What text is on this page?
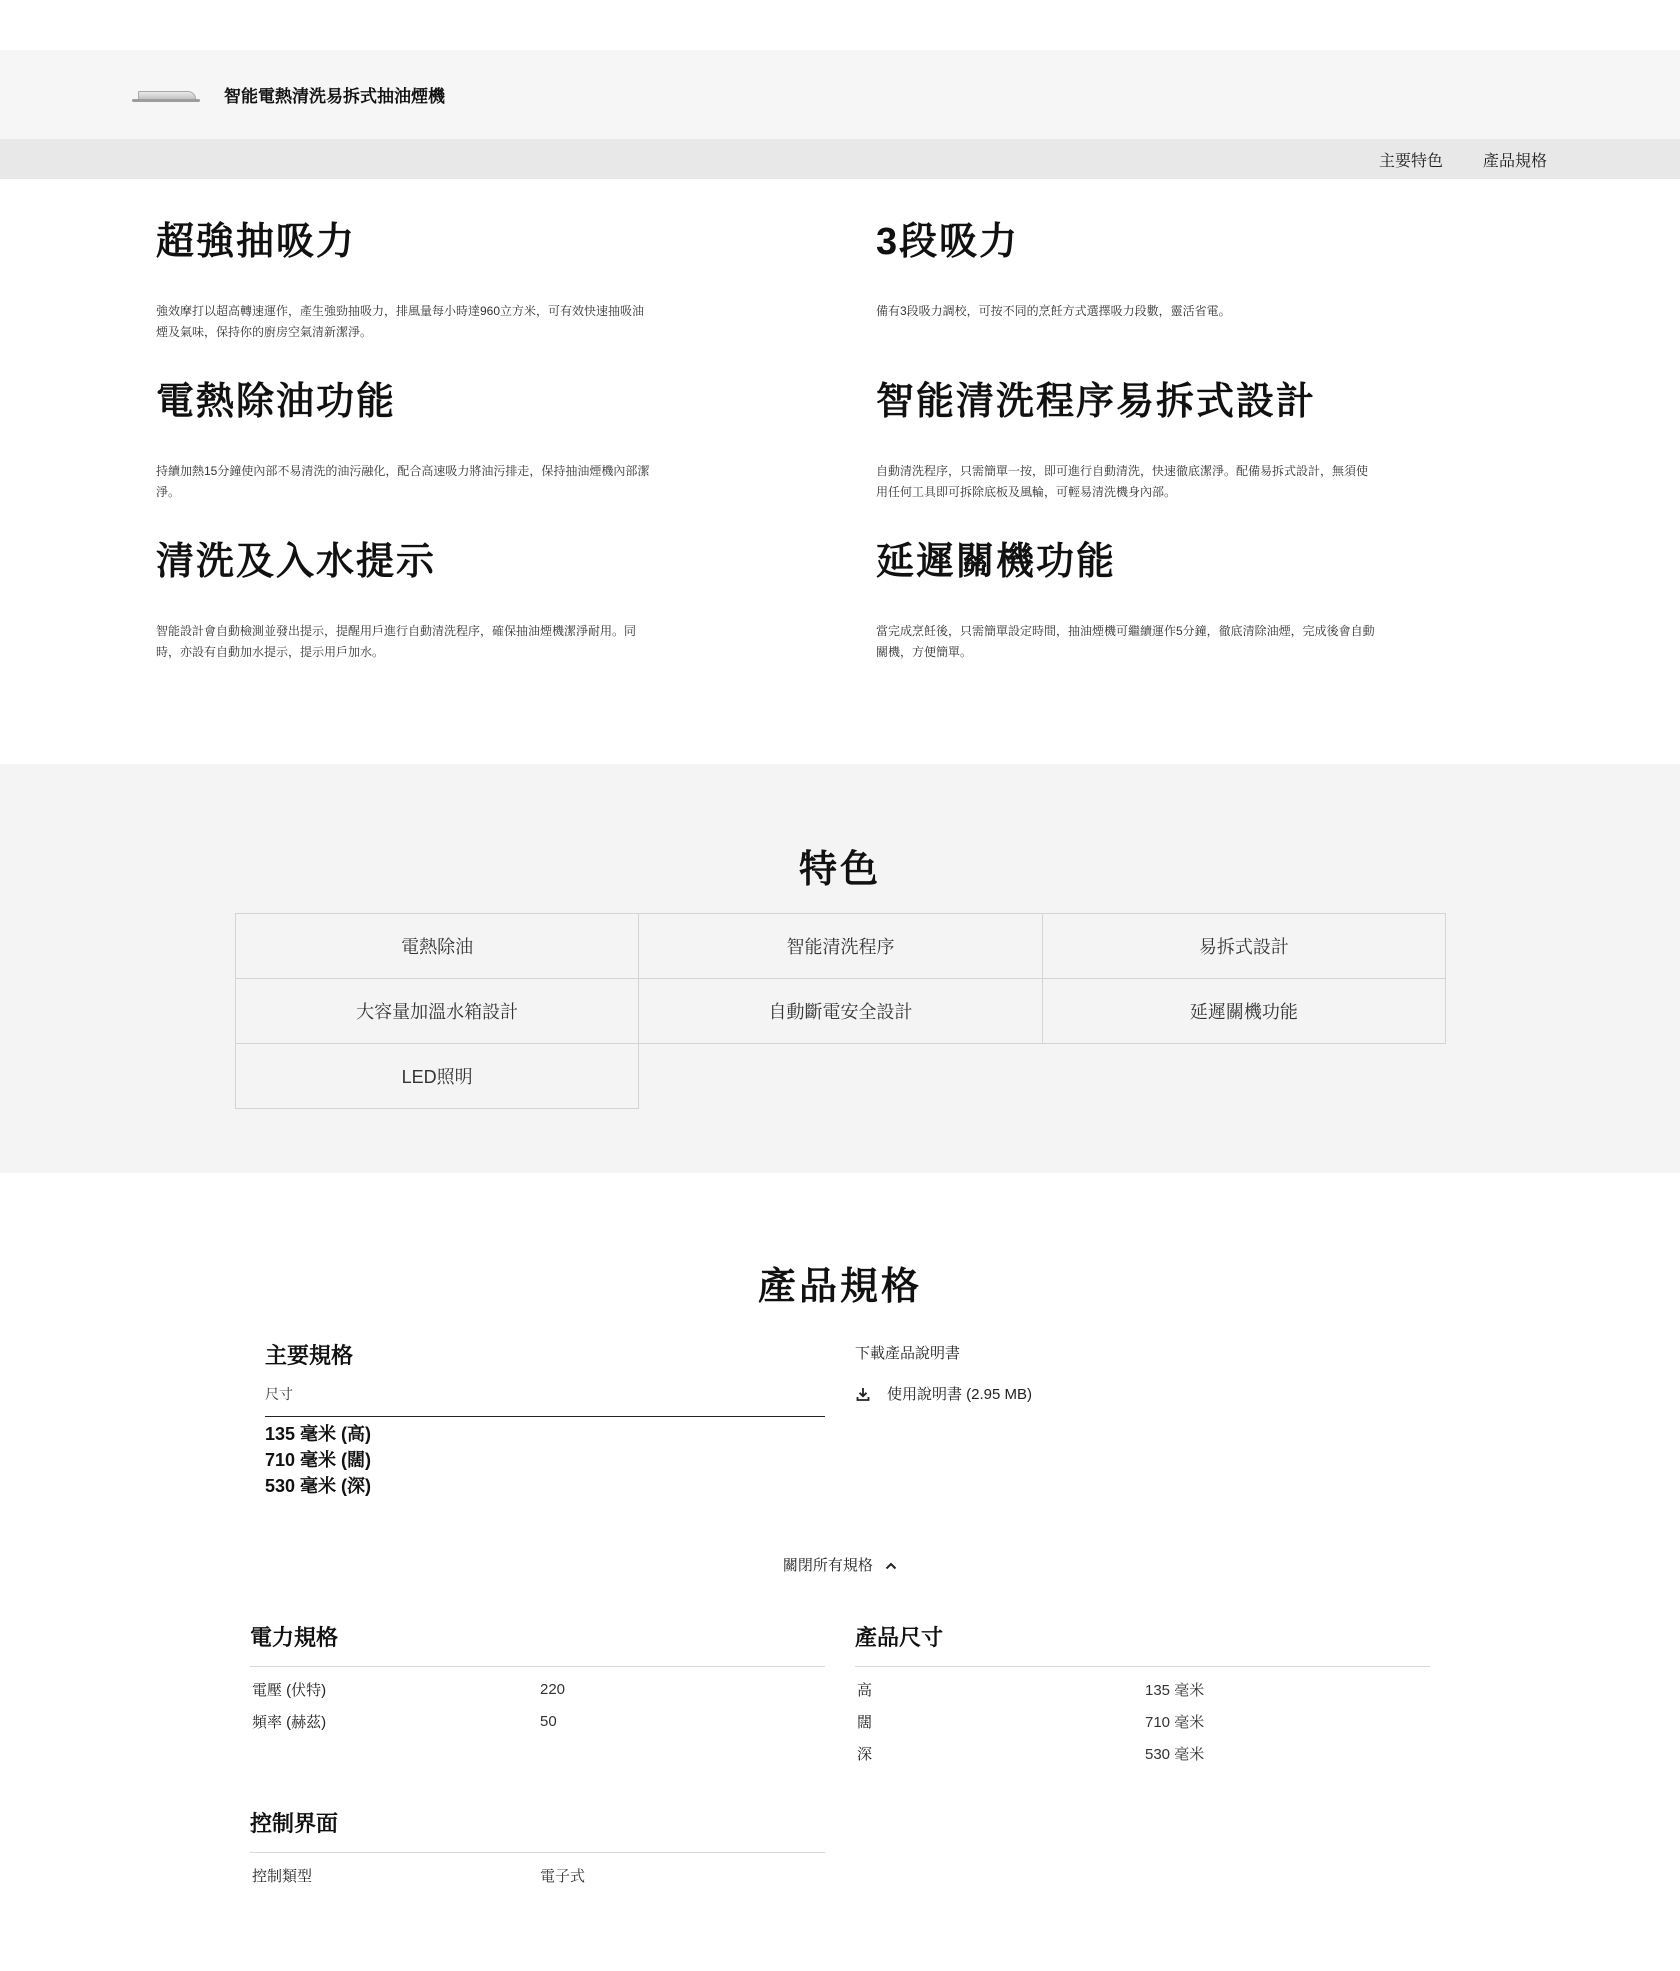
智能電熱清洗易拆式抽油煙機
主要特色	產品規格
超強抽吸力

強效摩打以超高轉速運作，產生強勁抽吸力，排風量每小時達960立方米，可有效快速抽吸油煙及氣味，保持你的廚房空氣清新潔淨。

3段吸力

備有3段吸力調校，可按不同的烹飪方式選擇吸力段數，靈活省電。

電熱除油功能

持續加熱15分鐘使內部不易清洗的油污融化，配合高速吸力將油污排走，保持抽油煙機內部潔淨。

智能清洗程序易拆式設計

自動清洗程序，只需簡單一按，即可進行自動清洗，快速徹底潔淨。配備易拆式設計，無須使用任何工具即可拆除底板及風輪，可輕易清洗機身內部。

清洗及入水提示

智能設計會自動檢測並發出提示，提醒用戶進行自動清洗程序，確保抽油煙機潔淨耐用。同時，亦設有自動加水提示，提示用戶加水。

延遲關機功能

當完成烹飪後，只需簡單設定時間，抽油煙機可繼續運作5分鐘，徹底清除油煙，完成後會自動關機，方便簡單。

特色
電熱除油	智能清洗程序	易拆式設計
大容量加溫水箱設計	自動斷電安全設計	延遲關機功能
LED照明
產品規格
主要規格
尺寸
135 毫米 (高)
710 毫米 (闊)
530 毫米 (深)
下載產品說明書
使用說明書 (2.95 MB)
關閉所有規格
電力規格
電壓 (伏特)	220
頻率 (赫茲)	50
產品尺寸
高	135 毫米
闊	710 毫米
深	530 毫米
控制界面
控制類型	電子式
